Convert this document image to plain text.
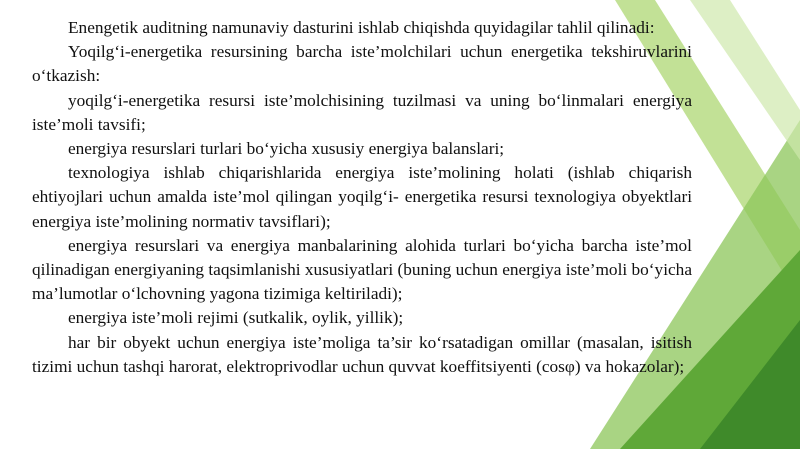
Enengetik auditning namunaviy dasturini ishlab chiqishda quyidagilar tahlil qilinadi:

Yoqilg‘i-energetika resursining barcha iste’molchilari uchun energetika tekshiruvlarini o‘tkazish:

yoqilg‘i-energetika resursi iste’molchisining tuzilmasi va uning bo‘linmalari energiya iste’moli tavsifi;

energiya resurslari turlari bo‘yicha xususiy energiya balanslari;

texnologiya ishlab chiqarishlarida energiya iste’molining holati (ishlab chiqarish ehtiyojlari uchun amalda iste’mol qilingan yoqilg‘i- energetika resursi texnologiya obyektlari energiya iste’molining normativ tavsiflari);

energiya resurslari va energiya manbalarining alohida turlari bo‘yicha barcha iste’mol qilinadigan energiyaning taqsimlanishi xususiyatlari (buning uchun energiya iste’moli bo‘yicha ma’lumotlar o‘lchovning yagona tizimiga keltiriladi);

energiya iste’moli rejimi (sutkalik, oylik, yillik);

har bir obyekt uchun energiya iste’moliga ta’sir ko‘rsatadigan omillar (masalan, isitish tizimi uchun tashqi harorat, elektroprivodlar uchun quvvat koeffitsiyenti (cosφ) va hokazolar);
